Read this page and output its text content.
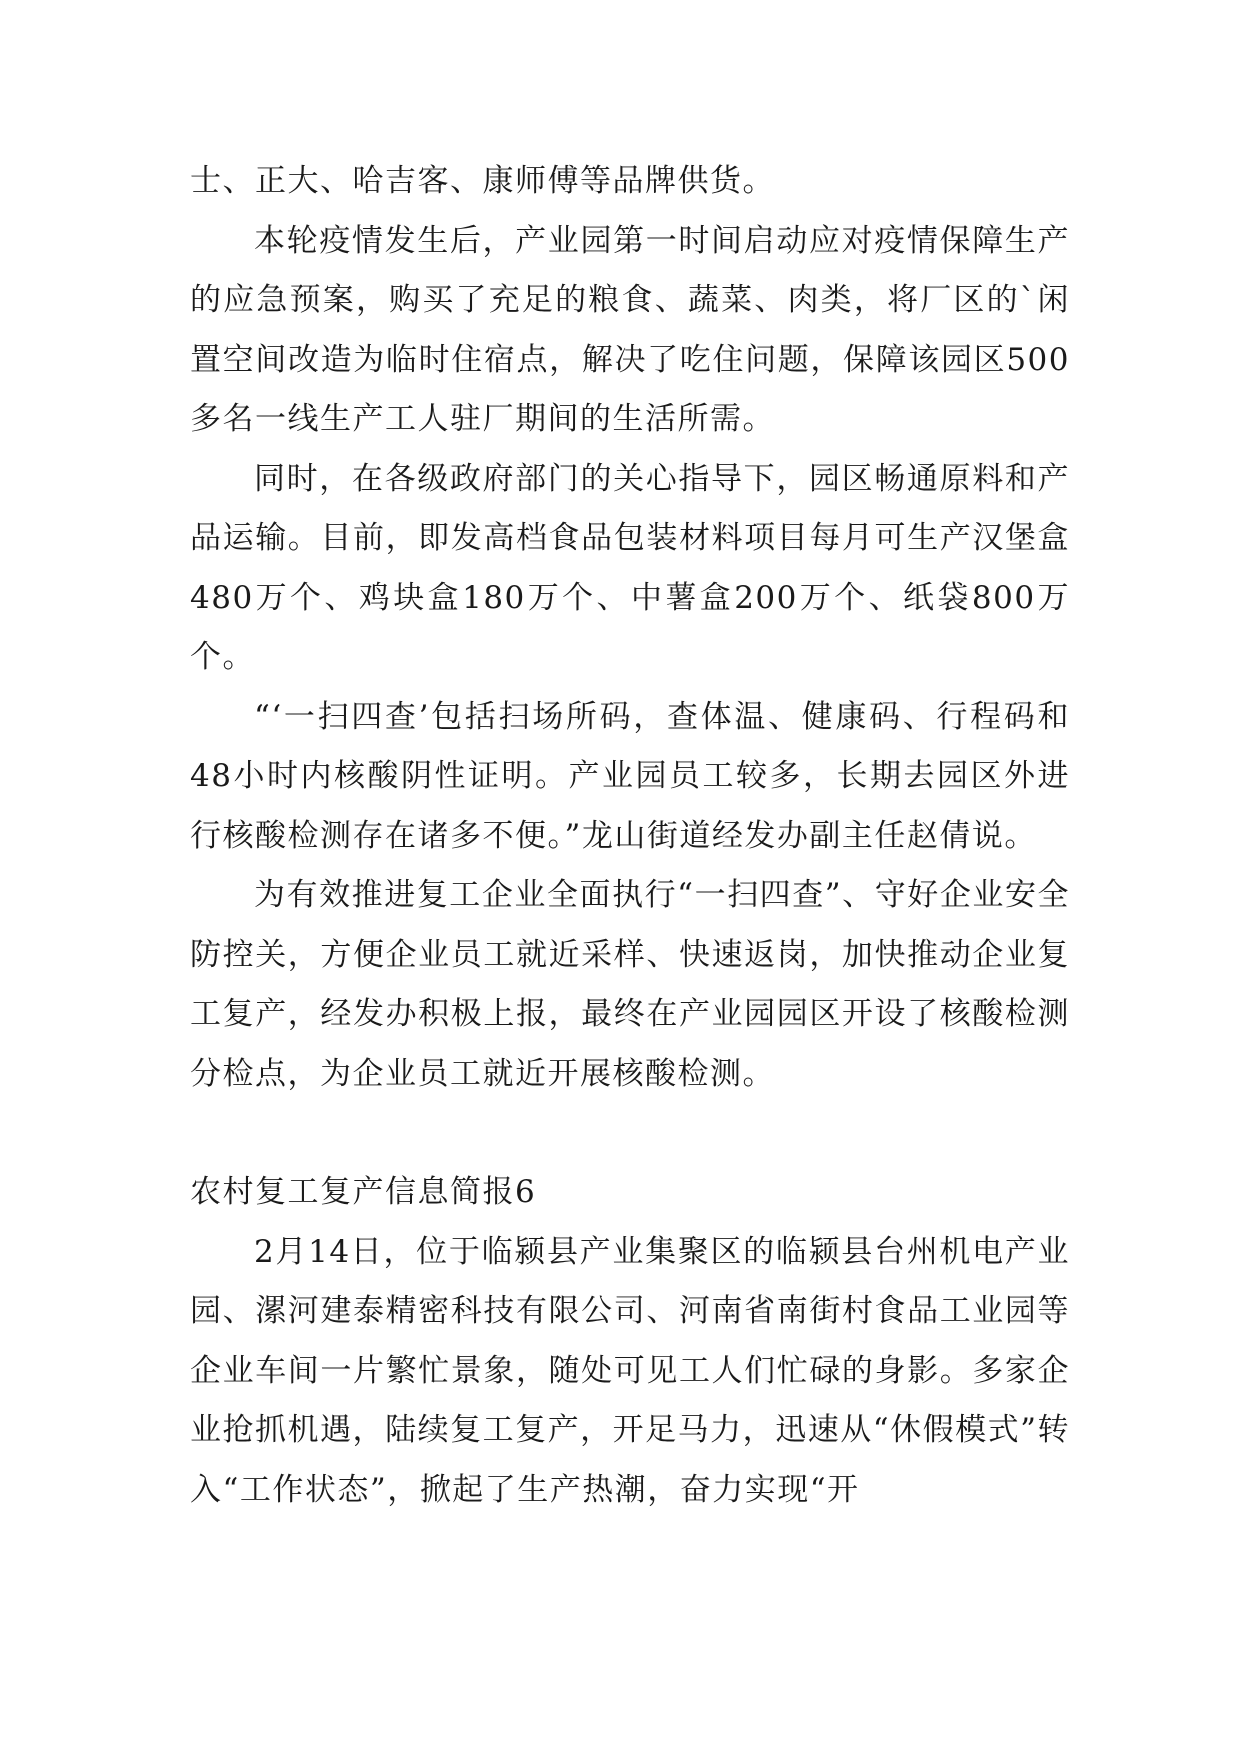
士、正大、哈吉客、康师傅等品牌供货。

本轮疫情发生后，产业园第一时间启动应对疫情保障生产的应急预案，购买了充足的粮食、蔬菜、肉类，将厂区的`闲置空间改造为临时住宿点，解决了吃住问题，保障该园区500多名一线生产工人驻厂期间的生活所需。

同时，在各级政府部门的关心指导下，园区畅通原料和产品运输。目前，即发高档食品包装材料项目每月可生产汉堡盒480万个、鸡块盒180万个、中薯盒200万个、纸袋800万个。

“‘一扫四查’包括扫场所码，查体温、健康码、行程码和48小时内核酸阴性证明。产业园员工较多，长期去园区外进行核酸检测存在诸多不便。”龙山街道经发办副主任赵倩说。

为有效推进复工企业全面执行“一扫四查”、守好企业安全防控关，方便企业员工就近采样、快速返岗，加快推动企业复工复产，经发办积极上报，最终在产业园园区开设了核酸检测分检点，为企业员工就近开展核酸检测。

农村复工复产信息简报6

2月14日，位于临颍县产业集聚区的临颍县台州机电产业园、漯河建泰精密科技有限公司、河南省南街村食品工业园等企业车间一片繁忙景象，随处可见工人们忙碌的身影。多家企业抢抓机遇，陆续复工复产，开足马力，迅速从“休假模式”转入“工作状态”，掀起了生产热潮，奋力实现“开
